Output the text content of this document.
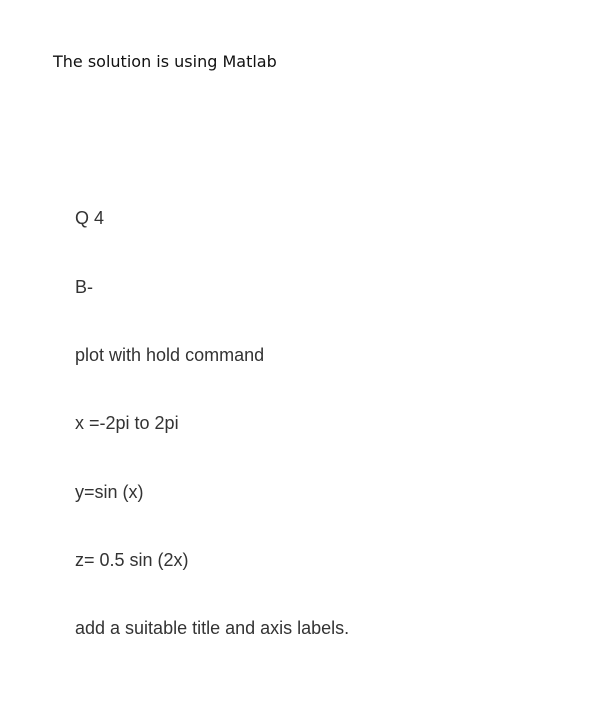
The solution is using Matlab
Q 4
B-
plot with hold command
x =-2pi to 2pi
y=sin (x)
z= 0.5 sin (2x)
add a suitable title and axis labels.
